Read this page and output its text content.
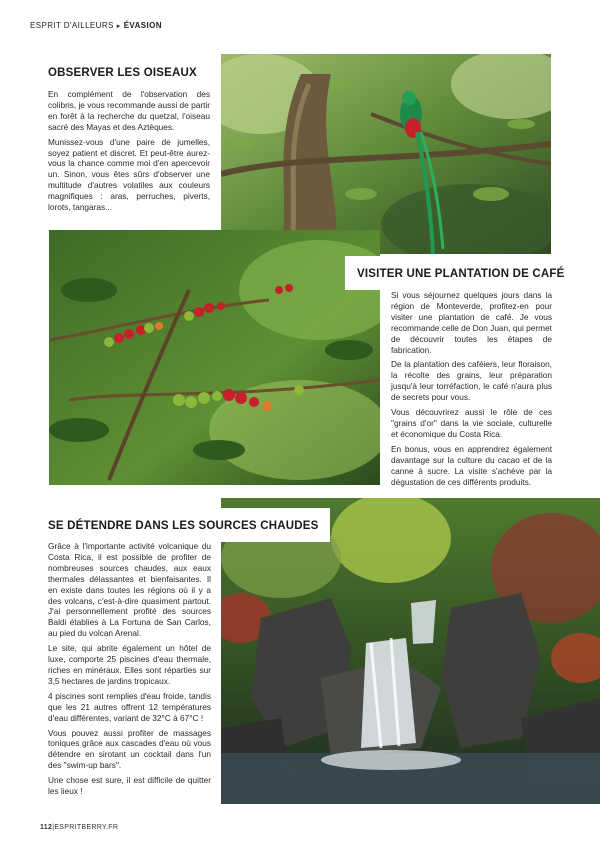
ESPRIT D'AILLEURS ▸ ÉVASION
OBSERVER LES OISEAUX

En complément de l'observation des colibris, je vous recommande aussi de partir en forêt à la recherche du quetzal, l'oiseau sacré des Mayas et des Aztèques.

Munissez-vous d'une paire de jumelles, soyez patient et discret. Et peut-être aurez-vous la chance comme moi d'en apercevoir un. Sinon, vous êtes sûrs d'observer une multitude d'autres volatiles aux couleurs magnifiques : aras, perruches, piverts, lorots, tangaras...

VISITER UNE PLANTATION DE CAFÉ

Si vous séjournez quelques jours dans la région de Monteverde, profitez-en pour visiter une plantation de café. Je vous recommande celle de Don Juan, qui permet de découvrir toutes les étapes de fabrication.

De la plantation des caféiers, leur floraison, la récolte des grains, leur préparation jusqu'à leur torréfaction, le café n'aura plus de secrets pour vous.

Vous découvrirez aussi le rôle de ces "grains d'or" dans la vie sociale, culturelle et économique du Costa Rica.

En bonus, vous en apprendrez également davantage sur la culture du cacao et de la canne à sucre. La visite s'achève par la dégustation de ces différents produits.

SE DÉTENDRE DANS LES SOURCES CHAUDES

Grâce à l'importante activité volcanique du Costa Rica, il est possible de profiter de nombreuses sources chaudes, aux eaux thermales délassantes et bienfaisantes. Il en existe dans toutes les régions où il y a des volcans, c'est-à-dire quasiment partout. J'ai personnellement profité des sources Baldi établies à La Fortuna de San Carlos, au pied du volcan Arenal.

Le site, qui abrite également un hôtel de luxe, comporte 25 piscines d'eau thermale, riches en minéraux. Elles sont réparties sur 3,5 hectares de jardins tropicaux.

4 piscines sont remplies d'eau froide, tandis que les 21 autres offrent 12 températures d'eau différentes, variant de 32°C à 67°C !

Vous pouvez aussi profiter de massages toniques grâce aux cascades d'eau où vous détendre en sirotant un cocktail dans l'un des "swim-up bars".

Une chose est sure, il est difficile de quitter les lieux !

112|ESPRITBERRY.FR
